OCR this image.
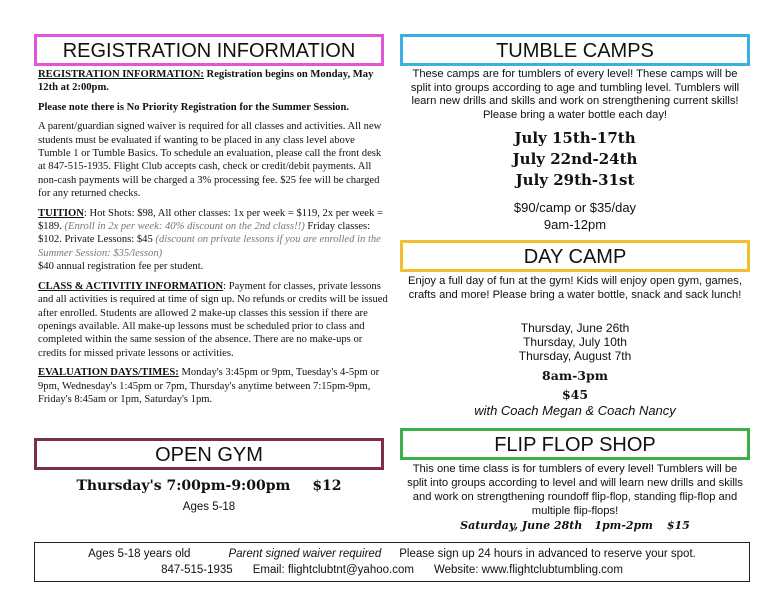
REGISTRATION INFORMATION

REGISTRATION INFORMATION: Registration begins on Monday, May 12th at 2:00pm.

Please note there is No Priority Registration for the Summer Session.

A parent/guardian signed waiver is required for all classes and activities. All new students must be evaluated if wanting to be placed in any class level above Tumble 1 or Tumble Basics. To schedule an evaluation, please call the front desk at 847-515-1935. Flight Club accepts cash, check or credit/debit payments. All non-cash payments will be charged a 3% processing fee. $25 fee will be charged for any returned checks.

TUITION: Hot Shots: $98, All other classes: 1x per week = $119, 2x per week = $189. (Enroll in 2x per week: 40% discount on the 2nd class!!) Friday classes: $102. Private Lessons: $45 (discount on private lessons if you are enrolled in the Summer Session: $35/lesson)

$40 annual registration fee per student.

CLASS & ACTIVITIY INFORMATION: Payment for classes, private lessons and all activities is required at time of sign up. No refunds or credits will be issued after enrolled. Students are allowed 2 make-up classes this session if there are openings available. All make-up lessons must be scheduled prior to class and completed within the same session of the absence. There are no make-ups or credits for missed private lessons or activities.

EVALUATION DAYS/TIMES: Monday's 3:45pm or 9pm, Tuesday's 4-5pm or 9pm, Wednesday's 1:45pm or 7pm, Thursday's anytime between 7:15pm-9pm, Friday's 8:45am or 1pm, Saturday's 1pm.

TUMBLE CAMPS
These camps are for tumblers of every level! These camps will be split into groups according to age and tumbling level. Tumblers will learn new drills and skills and work on strengthening current skills! Please bring a water bottle each day!
July 15th-17th
July 22nd-24th
July 29th-31st
$90/camp or $35/day
9am-12pm
DAY CAMP
Enjoy a full day of fun at the gym! Kids will enjoy open gym, games, crafts and more! Please bring a water bottle, snack and sack lunch!
Thursday, June 26th
Thursday, July 10th
Thursday, August 7th
8am-3pm
$45
with Coach Megan & Coach Nancy
OPEN GYM
Thursday's 7:00pm-9:00pm $12
Ages 5-18
FLIP FLOP SHOP
This one time class is for tumblers of every level! Tumblers will be split into groups according to level and will learn new drills and skills and work on strengthening roundoff flip-flop, standing flip-flop and multiple flip-flops!
Saturday, June 28th 1pm-2pm $15
Ages 5-18 years old	Parent signed waiver required Please sign up 24 hours in advanced to reserve your spot.
847-515-1935 Email: flightclubtnt@yahoo.com Website: www.flightclubtumbling.com
